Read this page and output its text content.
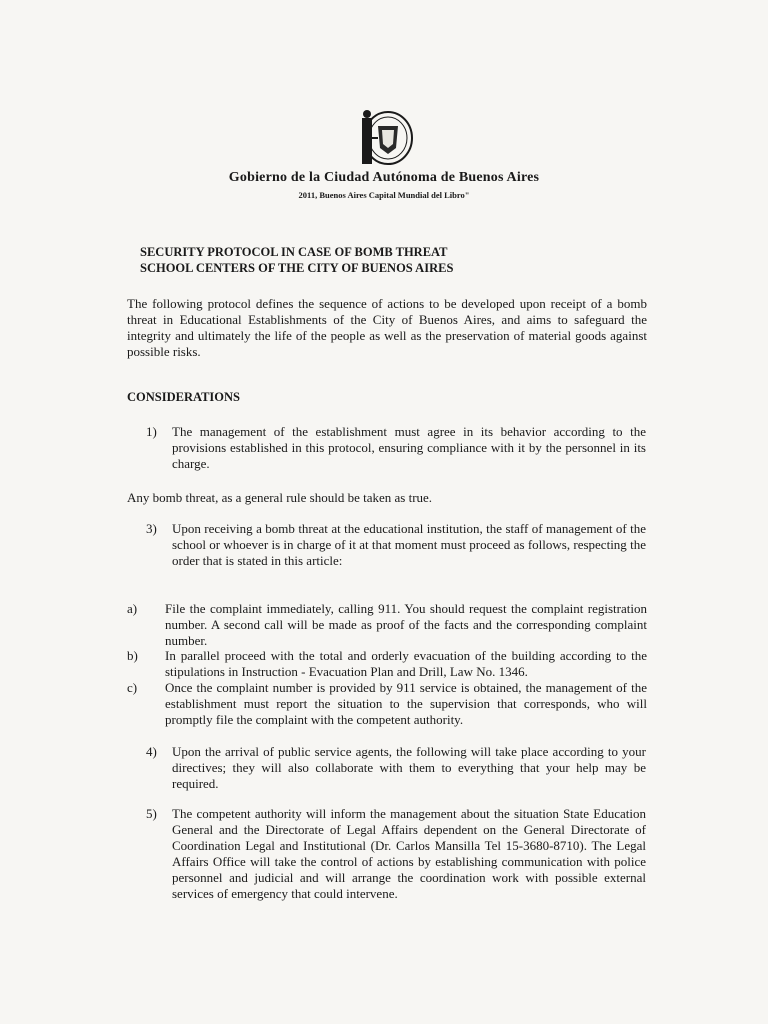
Gobierno de la Ciudad Autónoma de Buenos Aires
2011, Buenos Aires Capital Mundial del Libro"
SECURITY PROTOCOL IN CASE OF BOMB THREAT
SCHOOL CENTERS OF THE CITY OF BUENOS AIRES
The following protocol defines the sequence of actions to be developed upon receipt of a bomb threat in Educational Establishments of the City of Buenos Aires, and aims to safeguard the integrity and ultimately the life of the people as well as the preservation of material goods against possible risks.
CONSIDERATIONS
1)	The management of the establishment must agree in its behavior according to the provisions established in this protocol, ensuring compliance with it by the personnel in its charge.
Any bomb threat, as a general rule should be taken as true.
3)	Upon receiving a bomb threat at the educational institution, the staff of management of the school or whoever is in charge of it at that moment must proceed as follows, respecting the order that is stated in this article:
a)	File the complaint immediately, calling 911. You should request the complaint registration number. A second call will be made as proof of the facts and the corresponding complaint number.
b)	In parallel proceed with the total and orderly evacuation of the building according to the stipulations in Instruction - Evacuation Plan and Drill, Law No. 1346.
c)	Once the complaint number is provided by 911 service is obtained, the management of the establishment must report the situation to the supervision that corresponds, who will promptly file the complaint with the competent authority.
4)	Upon the arrival of public service agents, the following will take place according to your directives; they will also collaborate with them to everything that your help may be required.
5)	The competent authority will inform the management about the situation State Education General and the Directorate of Legal Affairs dependent on the General Directorate of Coordination Legal and Institutional (Dr. Carlos Mansilla Tel 15-3680-8710). The Legal Affairs Office will take the control of actions by establishing communication with police personnel and judicial and will arrange the coordination work with possible external services of emergency that could intervene.
